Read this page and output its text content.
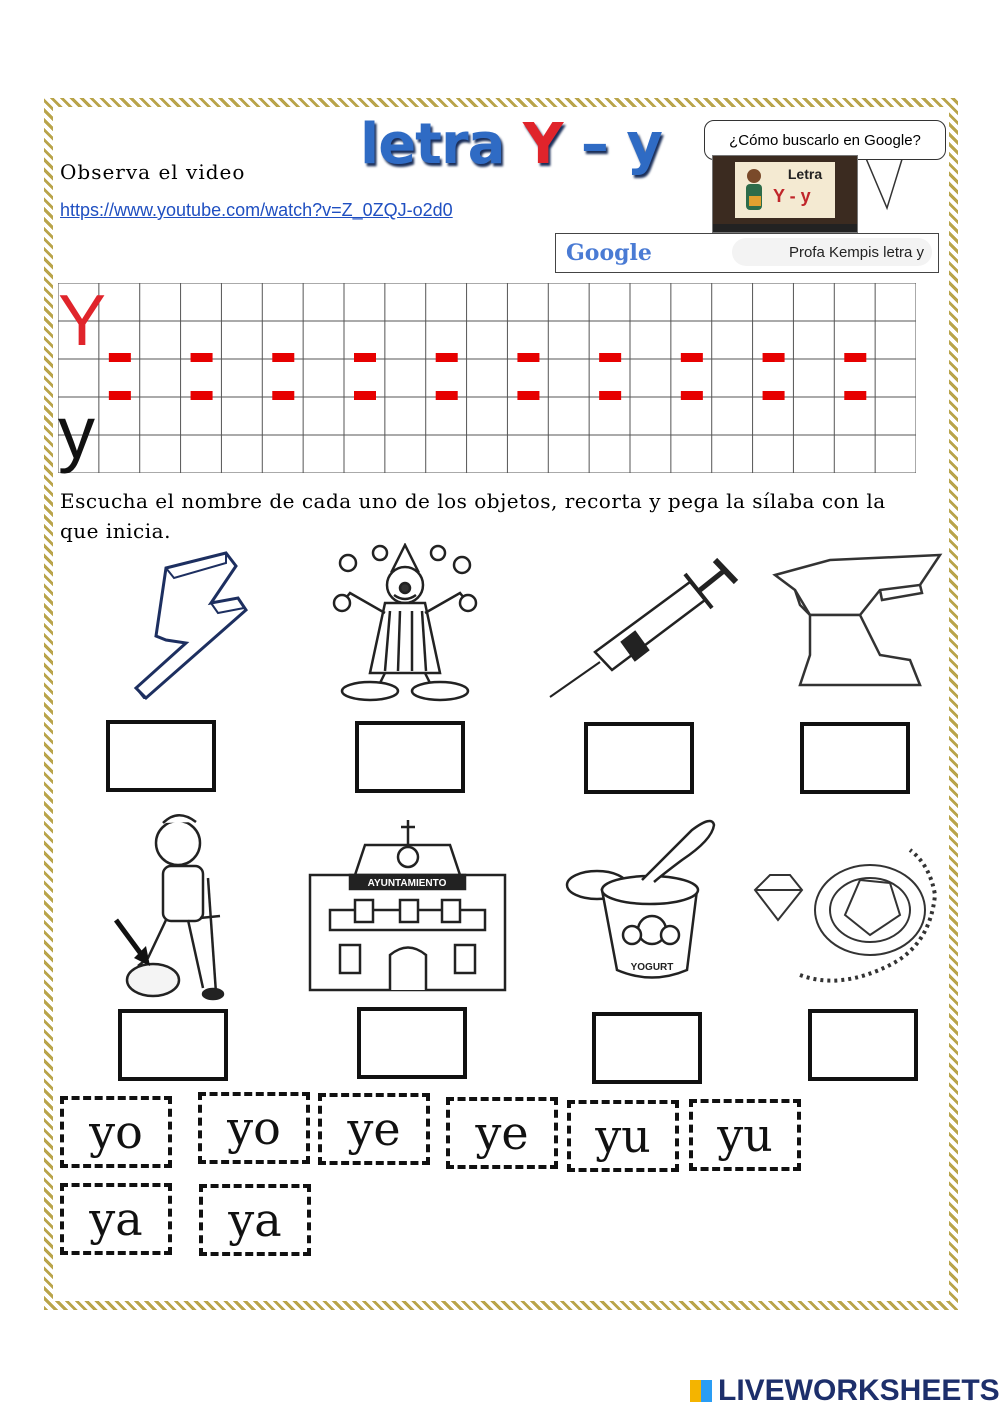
letra Y – y
Observa el video
https://www.youtube.com/watch?v=Z_0ZQJ-o2d0
¿Cómo buscarlo en Google?
Letra
Y - y
Google	Profa Kempis letra y
Y
y
Escucha el nombre de cada uno de los objetos, recorta y pega la sílaba con la que inicia.
AYUNTAMIENTO
YOGURT
yo	yo	ye	ye	yu	yu
ya	ya
LIVEWORKSHEETS
